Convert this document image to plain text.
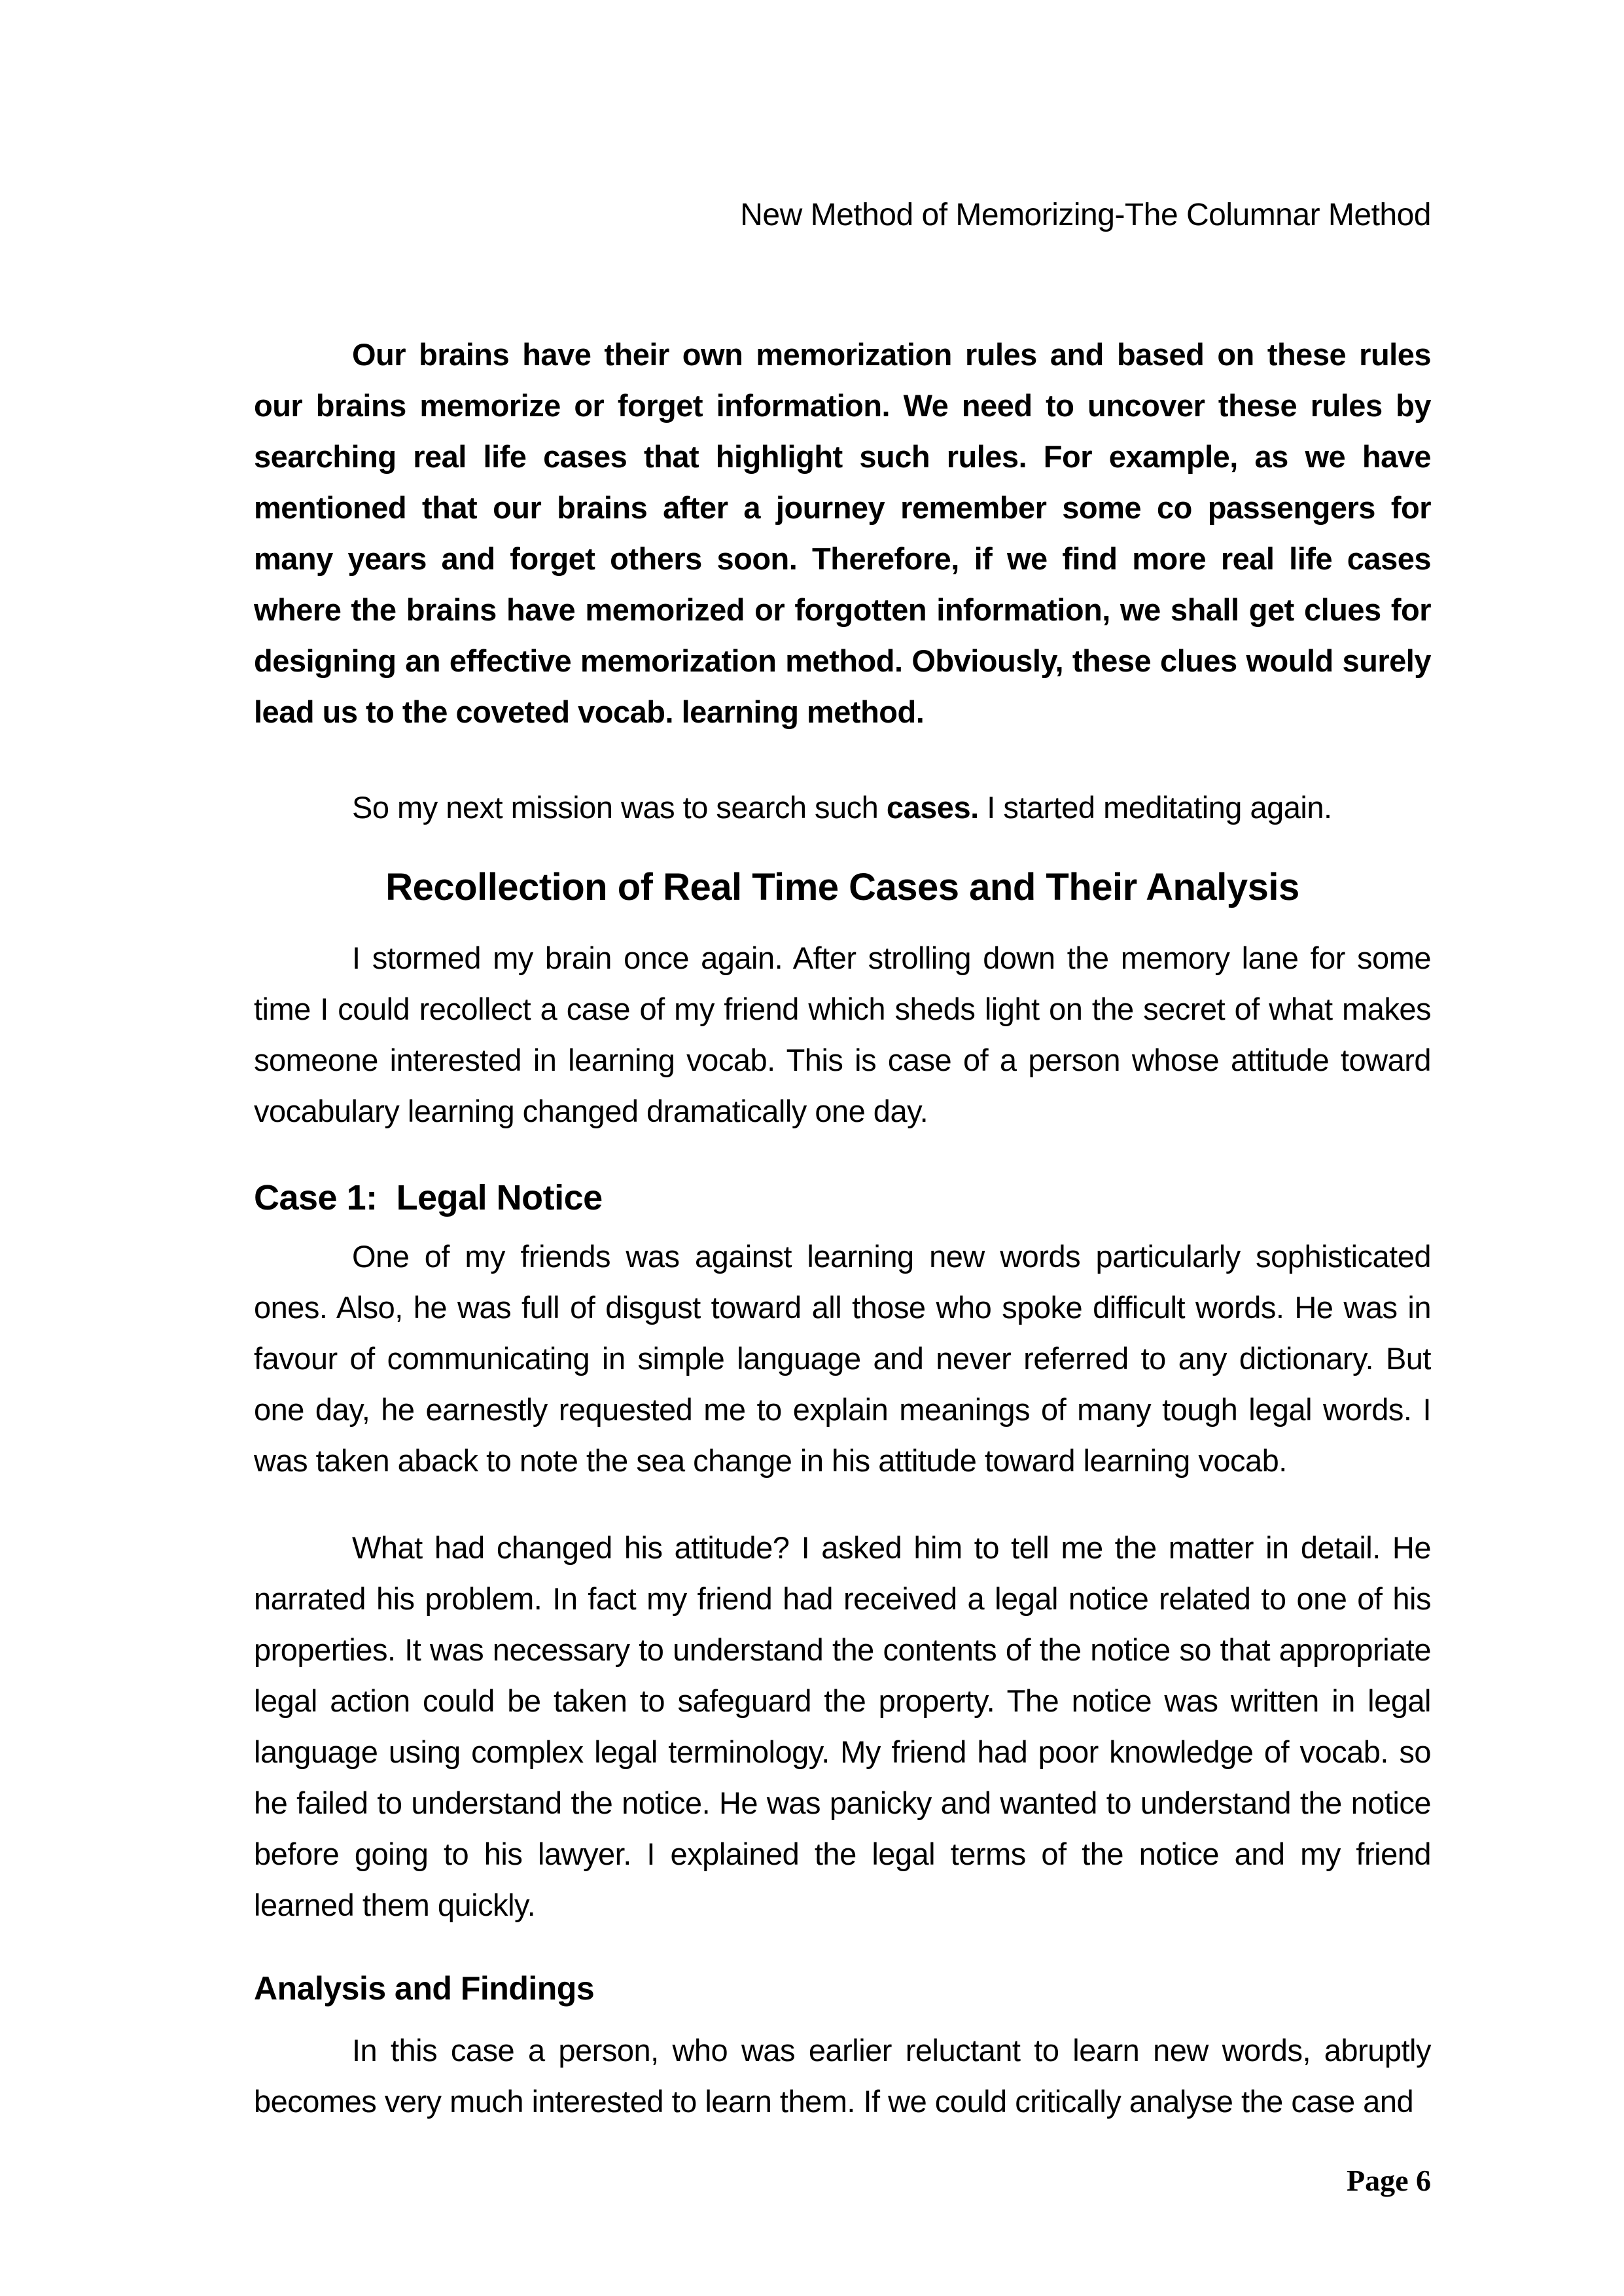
New Method of Memorizing-The Columnar Method

Our brains have their own memorization rules and based on these rules our brains memorize or forget information. We need to uncover these rules by searching real life cases that highlight such rules. For example, as we have mentioned that our brains after a journey remember some co passengers for many years and forget others soon. Therefore, if we find more real life cases where the brains have memorized or forgotten information, we shall get clues for designing an effective memorization method. Obviously, these clues would surely lead us to the coveted vocab. learning method.

So my next mission was to search such cases. I started meditating again.

Recollection of Real Time Cases and Their Analysis

I stormed my brain once again. After strolling down the memory lane for some time I could recollect a case of my friend which sheds light on the secret of what makes someone interested in learning vocab. This is case of a person whose attitude toward vocabulary learning changed dramatically one day.

Case 1:  Legal Notice

One of my friends was against learning new words particularly sophisticated ones. Also, he was full of disgust toward all those who spoke difficult words. He was in favour of communicating in simple language and never referred to any dictionary. But one day, he earnestly requested me to explain meanings of many tough legal words. I was taken aback to note the sea change in his attitude toward learning vocab.

What had changed his attitude? I asked him to tell me the matter in detail. He narrated his problem. In fact my friend had received a legal notice related to one of his properties. It was necessary to understand the contents of the notice so that appropriate legal action could be taken to safeguard the property. The notice was written in legal language using complex legal terminology. My friend had poor knowledge of vocab. so he failed to understand the notice. He was panicky and wanted to understand the notice before going to his lawyer. I explained the legal terms of the notice and my friend learned them quickly.

Analysis and Findings

In this case a person, who was earlier reluctant to learn new words, abruptly becomes very much interested to learn them. If we could critically analyse the case and

Page 6
